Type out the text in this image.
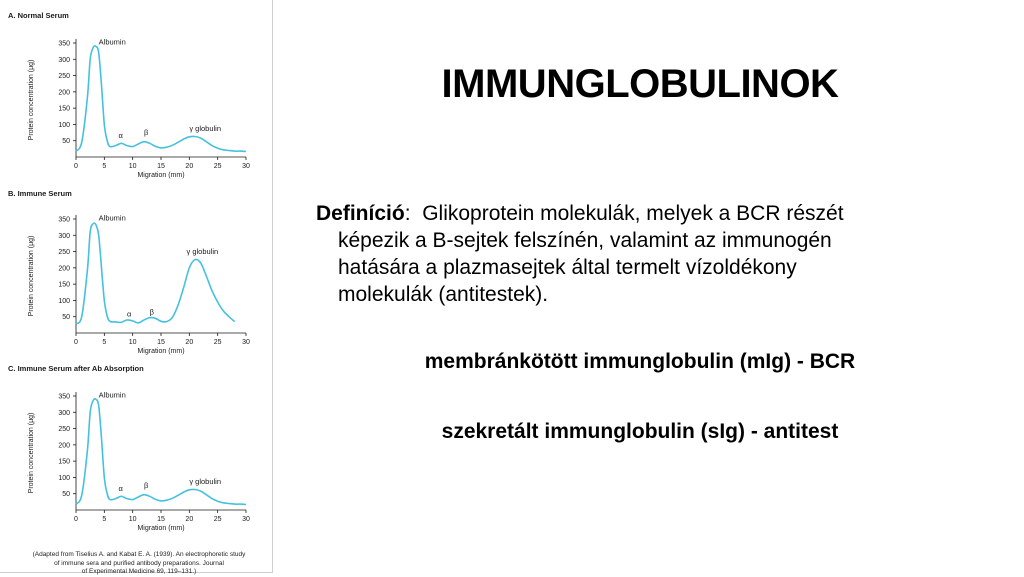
A. Normal Serum
50
100
150
200
250
300
350
0	5	10	15	20	25	30
Migration (mm)
Protein concentration (μg)
Albumin
α	β	γ globulin
B. Immune Serum
50
100
150
200
250
300
350
0	5	10	15	20	25	30
Migration (mm)
Protein concentration (μg)
Albumin
α β
γ globulin
C. Immune Serum after Ab Absorption
50
100
150
200
250
300
350
0	5	10	15	20	25	30
Migration (mm)
Protein concentration (μg)
Albumin
α	β	γ globulin
(Adapted from Tiselius A. and Kabat E. A. (1939). An electrophoretic study
of immune sera and purified antibody preparations. Journal
of Experimental Medicine 69, 119–131.)
IMMUNGLOBULINOK
Definíció:  Glikoprotein molekulák, melyek a BCR részét
képezik a B-sejtek felszínén, valamint az immunogén
hatására a plazmasejtek által termelt vízoldékony
molekulák (antitestek).
membránkötött immunglobulin (mIg) - BCR
szekretált immunglobulin (sIg) - antitest
